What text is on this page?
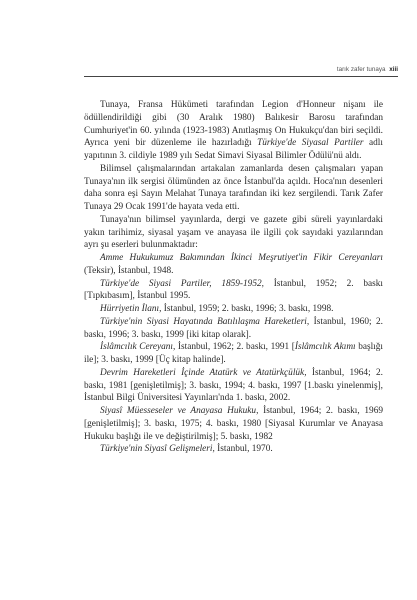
tarık zafer tunaya xiii

Tunaya, Fransa Hükümeti tarafından Legion d'Honneur nişanı ile ödüllendirildiği gibi (30 Aralık 1980) Balıkesir Barosu tarafından Cumhuriyet'in 60. yılında (1923-1983) Anıtlaşmış On Hukukçu'dan biri seçildi. Ayrıca yeni bir düzenleme ile hazırladığı Türkiye'de Siyasal Partiler adlı yapıtının 3. cildiyle 1989 yılı Sedat Simavi Siyasal Bilimler Ödülü'nü aldı.

Bilimsel çalışmalarından artakalan zamanlarda desen çalışmaları yapan Tunaya'nın ilk sergisi ölümünden az önce İstanbul'da açıldı. Hoca'nın desenleri daha sonra eşi Sayın Melahat Tunaya tarafından iki kez sergilendi. Tarık Zafer Tunaya 29 Ocak 1991'de hayata veda etti.

Tunaya'nın bilimsel yayınlarda, dergi ve gazete gibi süreli yayınlardaki yakın tarihimiz, siyasal yaşam ve anayasa ile ilgili çok sayıdaki yazılarından ayrı şu eserleri bulunmaktadır:

Amme Hukukumuz Bakımından İkinci Meşrutiyet'in Fikir Cereyanları (Teksir), İstanbul, 1948.

Türkiye'de Siyasi Partiler, 1859-1952, İstanbul, 1952; 2. baskı [Tıpkıbasım], İstanbul 1995.

Hürriyetin İlanı, İstanbul, 1959; 2. baskı, 1996; 3. baskı, 1998.

Türkiye'nin Siyasi Hayatında Batılılaşma Hareketleri, İstanbul, 1960; 2. baskı, 1996; 3. baskı, 1999 [iki kitap olarak].

İslâmcılık Cereyanı, İstanbul, 1962; 2. baskı, 1991 [İslâmcılık Akımı başlığı ile]; 3. baskı, 1999 [Üç kitap halinde].

Devrim Hareketleri İçinde Atatürk ve Atatürkçülük, İstanbul, 1964; 2. baskı, 1981 [genişletilmiş]; 3. baskı, 1994; 4. baskı, 1997 [1.baskı yinelenmiş], İstanbul Bilgi Üniversitesi Yayınları'nda 1. baskı, 2002.

Siyasî Müesseseler ve Anayasa Hukuku, İstanbul, 1964; 2. baskı, 1969 [genişletilmiş]; 3. baskı, 1975; 4. baskı, 1980 [Siyasal Kurumlar ve Anayasa Hukuku başlığı ile ve değiştirilmiş]; 5. baskı, 1982

Türkiye'nin Siyasî Gelişmeleri, İstanbul, 1970.
